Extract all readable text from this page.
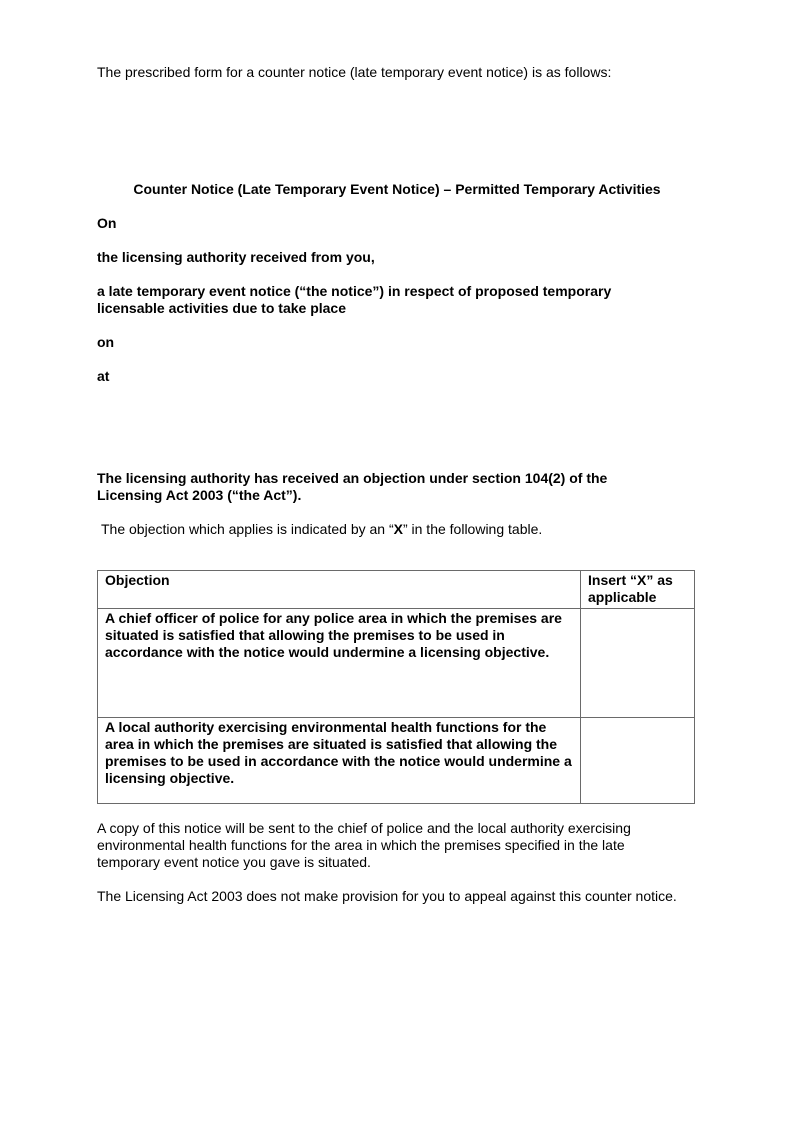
The prescribed form for a counter notice (late temporary event notice) is as follows:

Counter Notice (Late Temporary Event Notice) – Permitted Temporary Activities

On

the licensing authority received from you,

a late temporary event notice (“the notice”) in respect of proposed temporary licensable activities due to take place

on

at

The licensing authority has received an objection under section 104(2) of the Licensing Act 2003 (“the Act”).

The objection which applies is indicated by an “X” in the following table.

Objection	Insert “X” as applicable
A chief officer of police for any police area in which the premises are situated is satisfied that allowing the premises to be used in accordance with the notice would undermine a licensing objective.	
A local authority exercising environmental health functions for the area in which the premises are situated is satisfied that allowing the premises to be used in accordance with the notice would undermine a licensing objective.	

A copy of this notice will be sent to the chief of police and the local authority exercising environmental health functions for the area in which the premises specified in the late temporary event notice you gave is situated.

The Licensing Act 2003 does not make provision for you to appeal against this counter notice.
